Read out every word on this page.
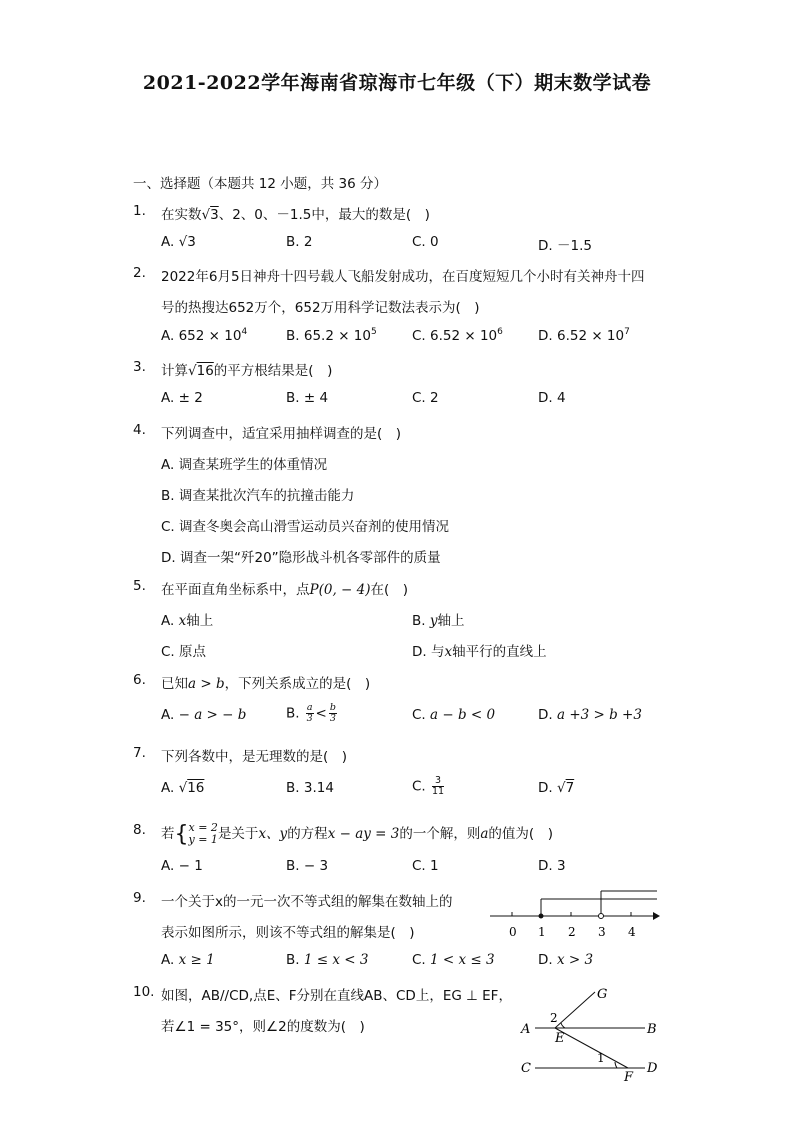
2021-2022学年海南省琼海市七年级（下）期末数学试卷
一、选择题（本题共 12 小题，共 36 分）
1.	在实数√3、2、0、－1.5中，最大的数是(　)
A. √3	B. 2	C. 0	D. －1.5
2.	2022年6月5日神舟十四号载人飞船发射成功，在百度短短几个小时有关神舟十四
号的热搜达652万个，652万用科学记数法表示为(　)
A. $652 \times 10^4$	B. $65.2 \times 10^5$	C. $6.52 \times 10^6$	D. $6.52 \times 10^7$
3.	计算√16的平方根结果是(　)
A. ± 2	B. ± 4	C. 2	D. 4
4.	下列调查中，适宜采用抽样调查的是(　)
A. 调查某班学生的体重情况
B. 调查某批次汽车的抗撞击能力
C. 调查冬奥会高山滑雪运动员兴奋剂的使用情况
D. 调查一架“歼20”隐形战斗机各零部件的质量
5.	在平面直角坐标系中，点P(0, − 4)在(　)
A. x轴上	B. y轴上
C. 原点	D. 与x轴平行的直线上
6.	已知a > b，下列关系成立的是(　)
A. − a > − b	B. $\frac{a}{3} < \frac{b}{3}$	C. a − b < 0	D. a +3 > b +3
7.	下列各数中，是无理数的是(　)
A. √16	B. 3.14	C. $\frac{3}{11}$	D. √7
8.	若{ x = 2
y = 1 是关于x、y的方程x − ay = 3的一个解，则a的值为(　)
A. − 1	B. − 3	C. 1	D. 3
9.	一个关于x的一元一次不等式组的解集在数轴上的
表示如图所示，则该不等式组的解集是(　)	0 1 2 3 4
A. x ≥ 1	B. 1 ≤ x < 3	C. 1 < x ≤ 3	D. x > 3
10. 如图，AB//CD,点E、F分别在直线AB、CD上，EG ⊥ EF，
若∠1 = 35°，则∠2的度数为(　)
G
A	B
E
2
C	D
1
F
